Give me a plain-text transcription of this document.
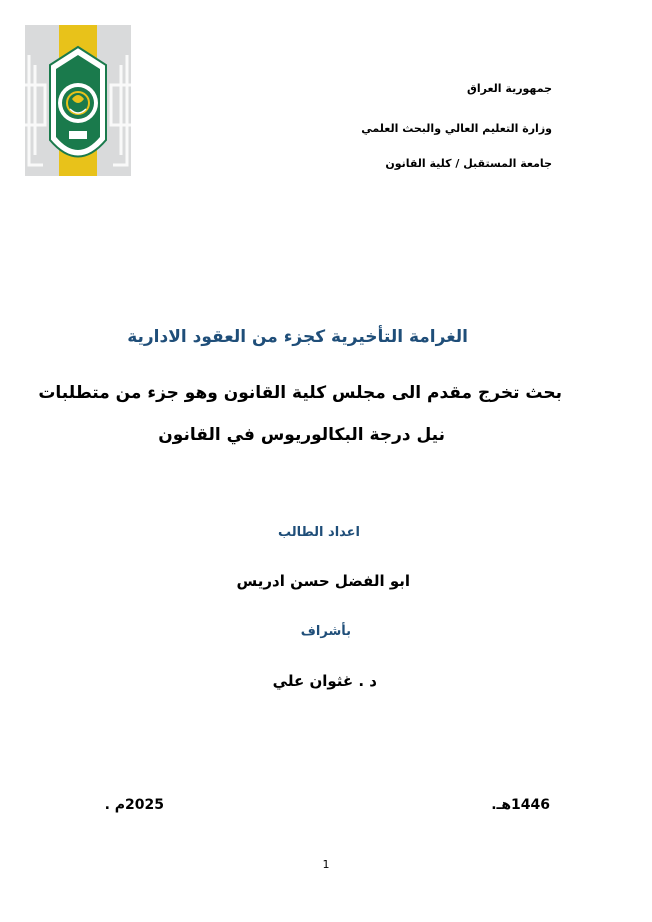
جمهورية العراق
وزارة التعليم العالي والبحث العلمي
جامعة المستقبل / كلية القانون
الغرامة التأخيرية كجزء من العقود الادارية
بحث تخرج مقدم الى مجلس كلية القانون وهو جزء من متطلبات
نيل درجة البكالوريوس في القانون
اعداد الطالب
ابو الفضل حسن ادريس
بأشراف
د . غثوان علي
1446هـ.
2025م .
1
